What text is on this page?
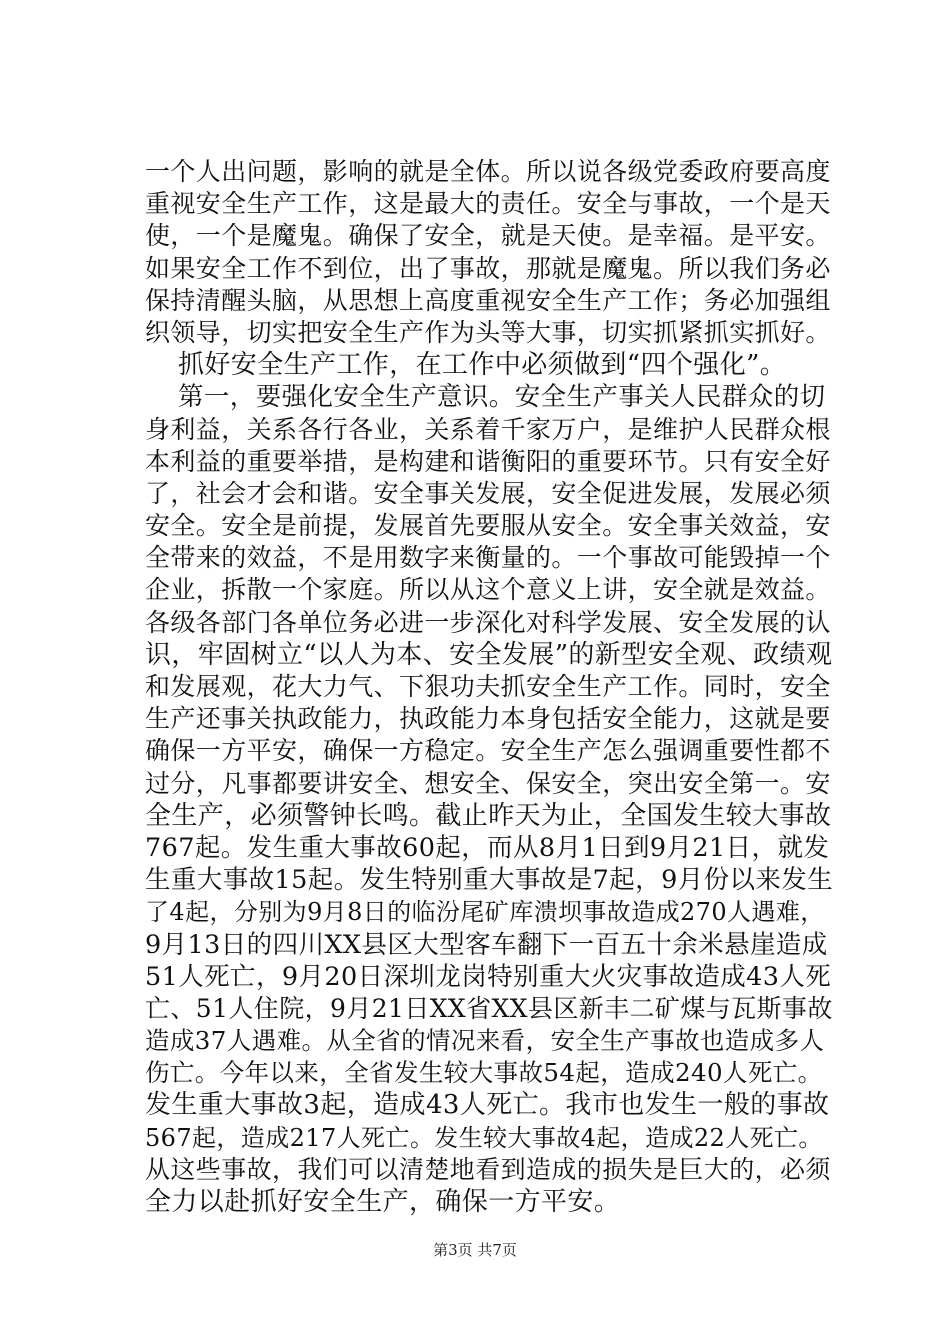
一个人出问题，影响的就是全体。所以说各级党委政府要高度
重视安全生产工作，这是最大的责任。安全与事故，一个是天
使，一个是魔鬼。确保了安全，就是天使。是幸福。是平安。
如果安全工作不到位，出了事故，那就是魔鬼。所以我们务必
保持清醒头脑，从思想上高度重视安全生产工作；务必加强组
织领导，切实把安全生产作为头等大事，切实抓紧抓实抓好。
抓好安全生产工作，在工作中必须做到“四个强化”。
第一，要强化安全生产意识。安全生产事关人民群众的切
身利益，关系各行各业，关系着千家万户，是维护人民群众根
本利益的重要举措，是构建和谐衡阳的重要环节。只有安全好
了，社会才会和谐。安全事关发展，安全促进发展，发展必须
安全。安全是前提，发展首先要服从安全。安全事关效益，安
全带来的效益，不是用数字来衡量的。一个事故可能毁掉一个
企业，拆散一个家庭。所以从这个意义上讲，安全就是效益。
各级各部门各单位务必进一步深化对科学发展、安全发展的认
识，牢固树立“以人为本、安全发展”的新型安全观、政绩观
和发展观，花大力气、下狠功夫抓安全生产工作。同时，安全
生产还事关执政能力，执政能力本身包括安全能力，这就是要
确保一方平安，确保一方稳定。安全生产怎么强调重要性都不
过分，凡事都要讲安全、想安全、保安全，突出安全第一。安
全生产，必须警钟长鸣。截止昨天为止，全国发生较大事故
767起。发生重大事故60起，而从8月1日到9月21日，就发
生重大事故15起。发生特别重大事故是7起，9月份以来发生
了4起，分别为9月8日的临汾尾矿库溃坝事故造成270人遇难，
9月13日的四川XX县区大型客车翻下一百五十余米悬崖造成
51人死亡，9月20日深圳龙岗特别重大火灾事故造成43人死
亡、51人住院，9月21日XX省XX县区新丰二矿煤与瓦斯事故
造成37人遇难。从全省的情况来看，安全生产事故也造成多人
伤亡。今年以来，全省发生较大事故54起，造成240人死亡。
发生重大事故3起，造成43人死亡。我市也发生一般的事故
567起，造成217人死亡。发生较大事故4起，造成22人死亡。
从这些事故，我们可以清楚地看到造成的损失是巨大的，必须
全力以赴抓好安全生产，确保一方平安。
第3页 共7页
